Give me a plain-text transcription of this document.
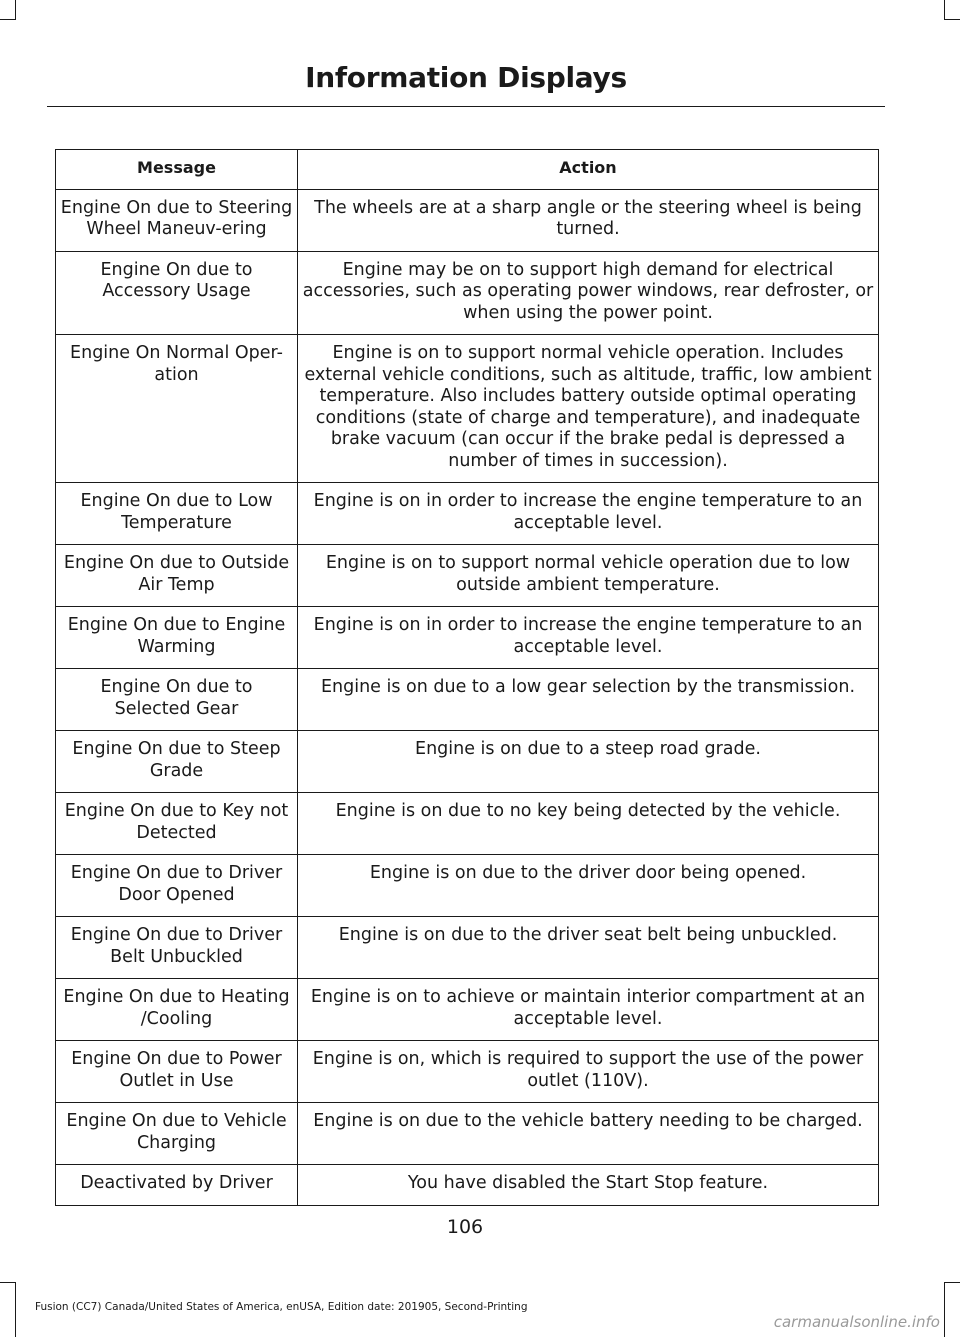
Information Displays
Message	Action
Engine On due to Steering Wheel Maneuv-ering	The wheels are at a sharp angle or the steering wheel is being turned.
Engine On due to Accessory Usage	Engine may be on to support high demand for electrical accessories, such as operating power windows, rear defroster, or when using the power point.
Engine On Normal Oper-ation	Engine is on to support normal vehicle operation. Includes external vehicle conditions, such as altitude, traffic, low ambient temperature. Also includes battery outside optimal operating conditions (state of charge and temperature), and inadequate brake vacuum (can occur if the brake pedal is depressed a number of times in succession).
Engine On due to Low Temperature	Engine is on in order to increase the engine temperature to an acceptable level.
Engine On due to Outside Air Temp	Engine is on to support normal vehicle operation due to low outside ambient temperature.
Engine On due to Engine Warming	Engine is on in order to increase the engine temperature to an acceptable level.
Engine On due to Selected Gear	Engine is on due to a low gear selection by the transmission.
Engine On due to Steep Grade	Engine is on due to a steep road grade.
Engine On due to Key not Detected	Engine is on due to no key being detected by the vehicle.
Engine On due to Driver Door Opened	Engine is on due to the driver door being opened.
Engine On due to Driver Belt Unbuckled	Engine is on due to the driver seat belt being unbuckled.
Engine On due to Heating /Cooling	Engine is on to achieve or maintain interior compartment at an acceptable level.
Engine On due to Power Outlet in Use	Engine is on, which is required to support the use of the power outlet (110V).
Engine On due to Vehicle Charging	Engine is on due to the vehicle battery needing to be charged.
Deactivated by Driver	You have disabled the Start Stop feature.
106
Fusion (CC7) Canada/United States of America, enUSA, Edition date: 201905, Second-Printing
carmanualsonline.info
